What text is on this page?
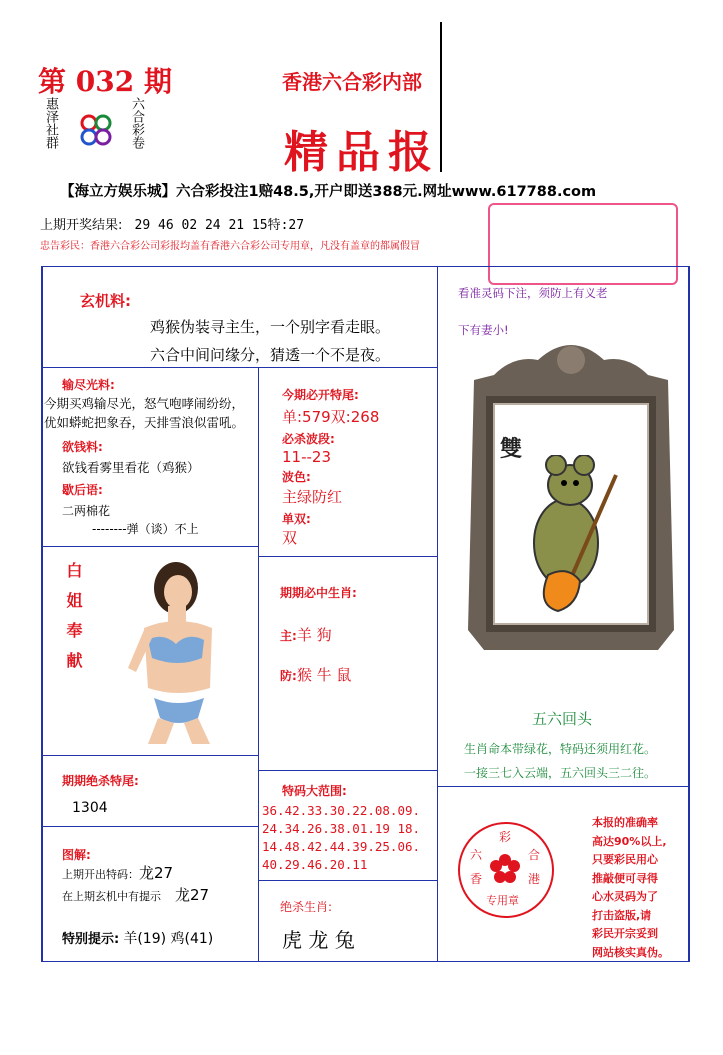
第 032 期
惠泽社群	六合彩卷
香港六合彩内部
精品报
【海立方娱乐城】六合彩投注1赔48.5,开户即送388元.网址www.617788.com
上期开奖结果: 29 46 02 24 21 15特:27
忠告彩民：香港六合彩公司彩报均盖有香港六合彩公司专用章，凡没有盖章的都属假冒
玄机料:
鸡猴伪装寻主生，一个别字看走眼。
六合中间问缘分，猜透一个不是夜。
输尽光料:
今期买鸡输尽光，怒气咆哮闹纷纷，
优如蟒蛇把象吞，天排雪浪似雷吼。
欲钱料:
欲钱看雾里看花（鸡猴）
歇后语:
二两棉花
--------弹（谈）不上
白姐奉献
期期绝杀特尾:
1304
图解:
上期开出特码：龙27
在上期玄机中有提示 龙27
特别提示: 羊(19) 鸡(41)
今期必开特尾:
单:579双:268
必杀波段:
11--23
波色:
主绿防红
单双:
双
期期必中生肖:
主:羊 狗
防:猴 牛 鼠
特码大范围:
36.42.33.30.22.08.09.
24.34.26.38.01.19 18.
14.48.42.44.39.25.06.
40.29.46.20.11
绝杀生肖:
虎 龙 兔
看准灵码下注，须防上有义老
下有妻小!
雙
五六回头
生肖命本带绿花，特码还须用红花。
一接三七入云端，五六回头三二往。
彩
六	合
香	港
专用章
本报的准确率
高达90%以上,
只要彩民用心
推敲便可寻得
心水灵码为了
打击盗版,请
彩民开宗妥到
网站核实真伪。
